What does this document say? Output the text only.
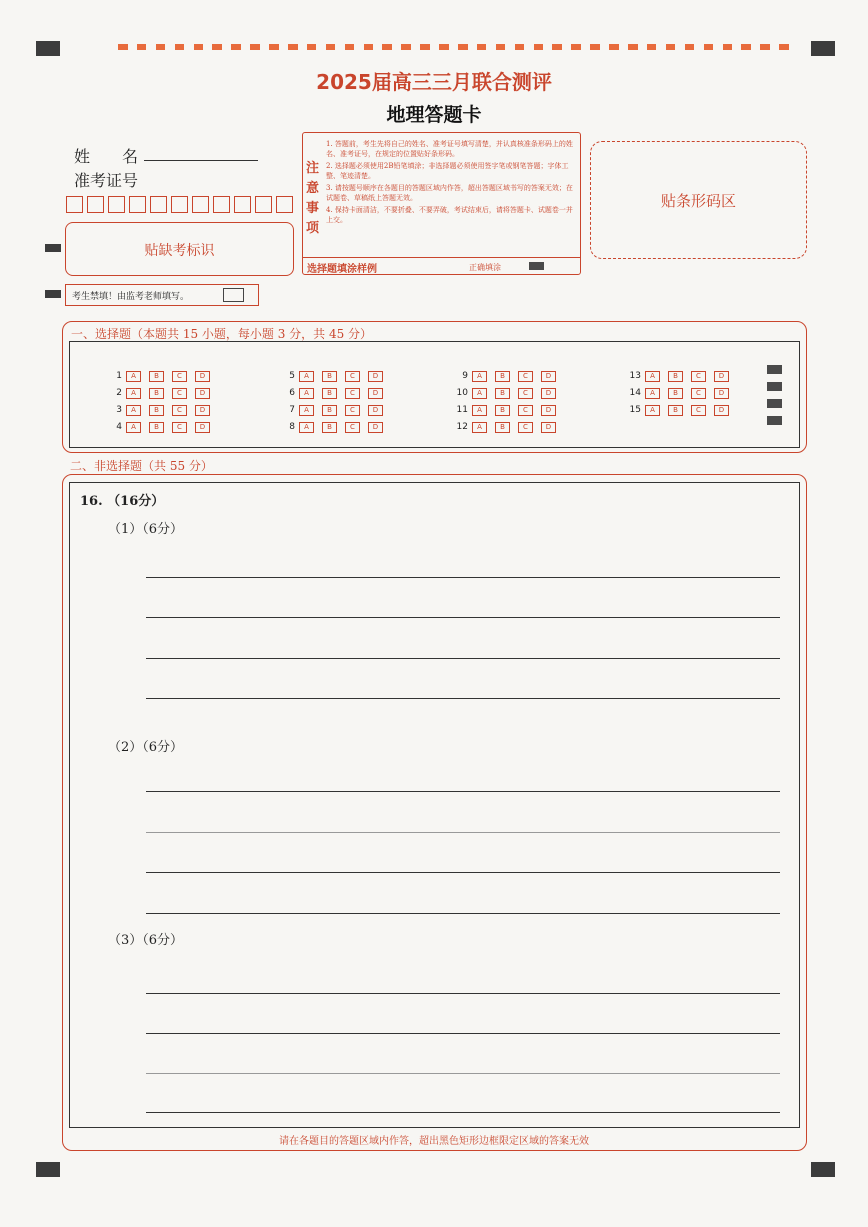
2025届高三三月联合测评
地理答题卡
姓　　名
准考证号
贴缺考标识
注意事项

1. 答题前，考生先将自己的姓名、准考证号填写清楚，并认真核准条形码上的姓名、准考证号，在规定的位置贴好条形码。

2. 选择题必须使用2B铅笔填涂；非选择题必须使用签字笔或钢笔答题；字体工整、笔迹清楚。

3. 请按题号顺序在各题目的答题区域内作答，超出答题区域书写的答案无效；在试题卷、草稿纸上答题无效。

4. 保持卡面清洁，不要折叠、不要弄破，考试结束后，请将答题卡、试题卷一并上交。

选择题填涂样例	正确填涂
贴条形码区
考生禁填！由监考老师填写。
一、选择题（本题共 15 小题，每小题 3 分，共 45 分）
1 A	B	C	D
2 A	B	C	D
3 A	B	C	D
4 A	B	C	D
5 A	B	C	D
6 A	B	C	D
7 A	B	C	D
8 A	B	C	D
9 A	B	C	D
10 A	B	C	D
11 A	B	C	D
12 A	B	C	D
13 A	B	C	D
14 A	B	C	D
15 A	B	C	D
二、非选择题（共 55 分）
16. （16分）
（1）（6分）
（2）（6分）
（3）（6分）
请在各题目的答题区域内作答，超出黑色矩形边框限定区域的答案无效
